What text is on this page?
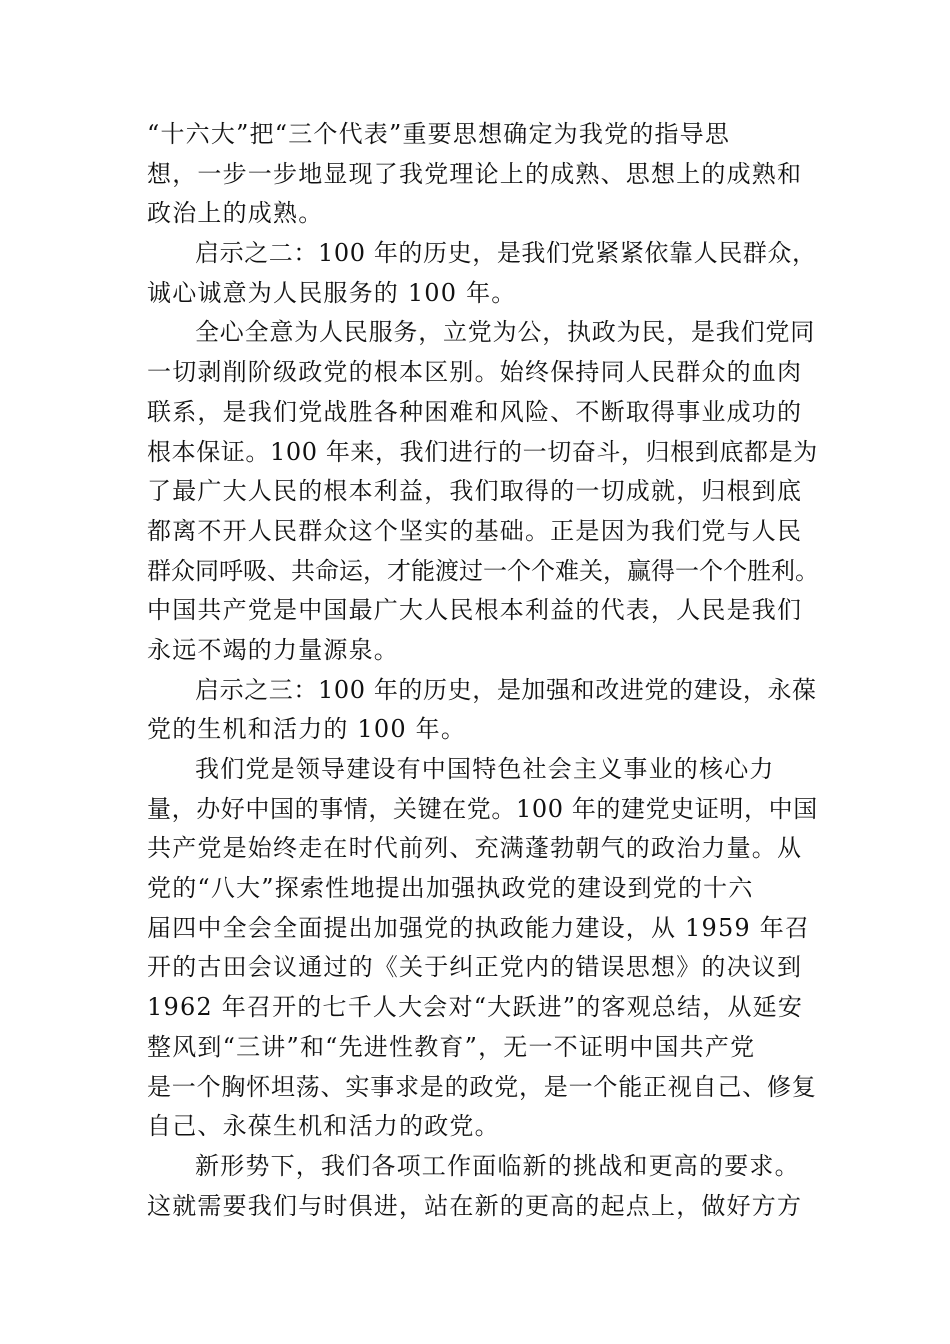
“十六大”把“三个代表”重要思想确定为我党的指导思
想，一步一步地显现了我党理论上的成熟、思想上的成熟和
政治上的成熟。
启示之二：100 年的历史，是我们党紧紧依靠人民群众，
诚心诚意为人民服务的 100 年。
全心全意为人民服务，立党为公，执政为民，是我们党同
一切剥削阶级政党的根本区别。始终保持同人民群众的血肉
联系，是我们党战胜各种困难和风险、不断取得事业成功的
根本保证。100 年来，我们进行的一切奋斗，归根到底都是为
了最广大人民的根本利益，我们取得的一切成就，归根到底
都离不开人民群众这个坚实的基础。正是因为我们党与人民
群众同呼吸、共命运，才能渡过一个个难关，赢得一个个胜利。
中国共产党是中国最广大人民根本利益的代表，人民是我们
永远不竭的力量源泉。
启示之三：100 年的历史，是加强和改进党的建设，永葆
党的生机和活力的 100 年。
我们党是领导建设有中国特色社会主义事业的核心力
量，办好中国的事情，关键在党。100 年的建党史证明，中国
共产党是始终走在时代前列、充满蓬勃朝气的政治力量。从
党的“八大”探索性地提出加强执政党的建设到党的十六
届四中全会全面提出加强党的执政能力建设，从 1959 年召
开的古田会议通过的《关于纠正党内的错误思想》的决议到
1962 年召开的七千人大会对“大跃进”的客观总结，从延安
整风到“三讲”和“先进性教育”，无一不证明中国共产党
是一个胸怀坦荡、实事求是的政党，是一个能正视自己、修复
自己、永葆生机和活力的政党。
新形势下，我们各项工作面临新的挑战和更高的要求。
这就需要我们与时俱进，站在新的更高的起点上，做好方方
